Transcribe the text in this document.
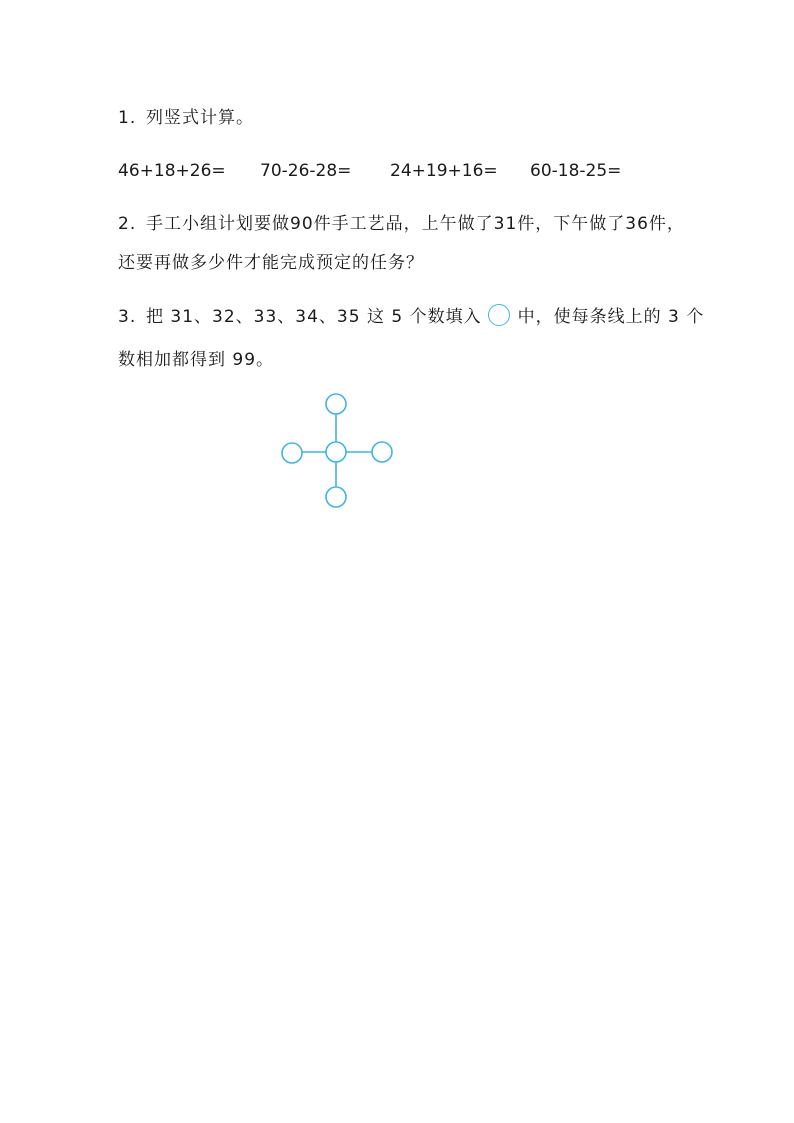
1. 列竖式计算。
46+18+26= 70-26-28= 24+19+16= 60-18-25=
2. 手工小组计划要做90件手工艺品，上午做了31件，下午做了36件，
还要再做多少件才能完成预定的任务？
3. 把 31、32、33、34、35 这 5 个数填入 中，使每条线上的 3 个
数相加都得到 99。
